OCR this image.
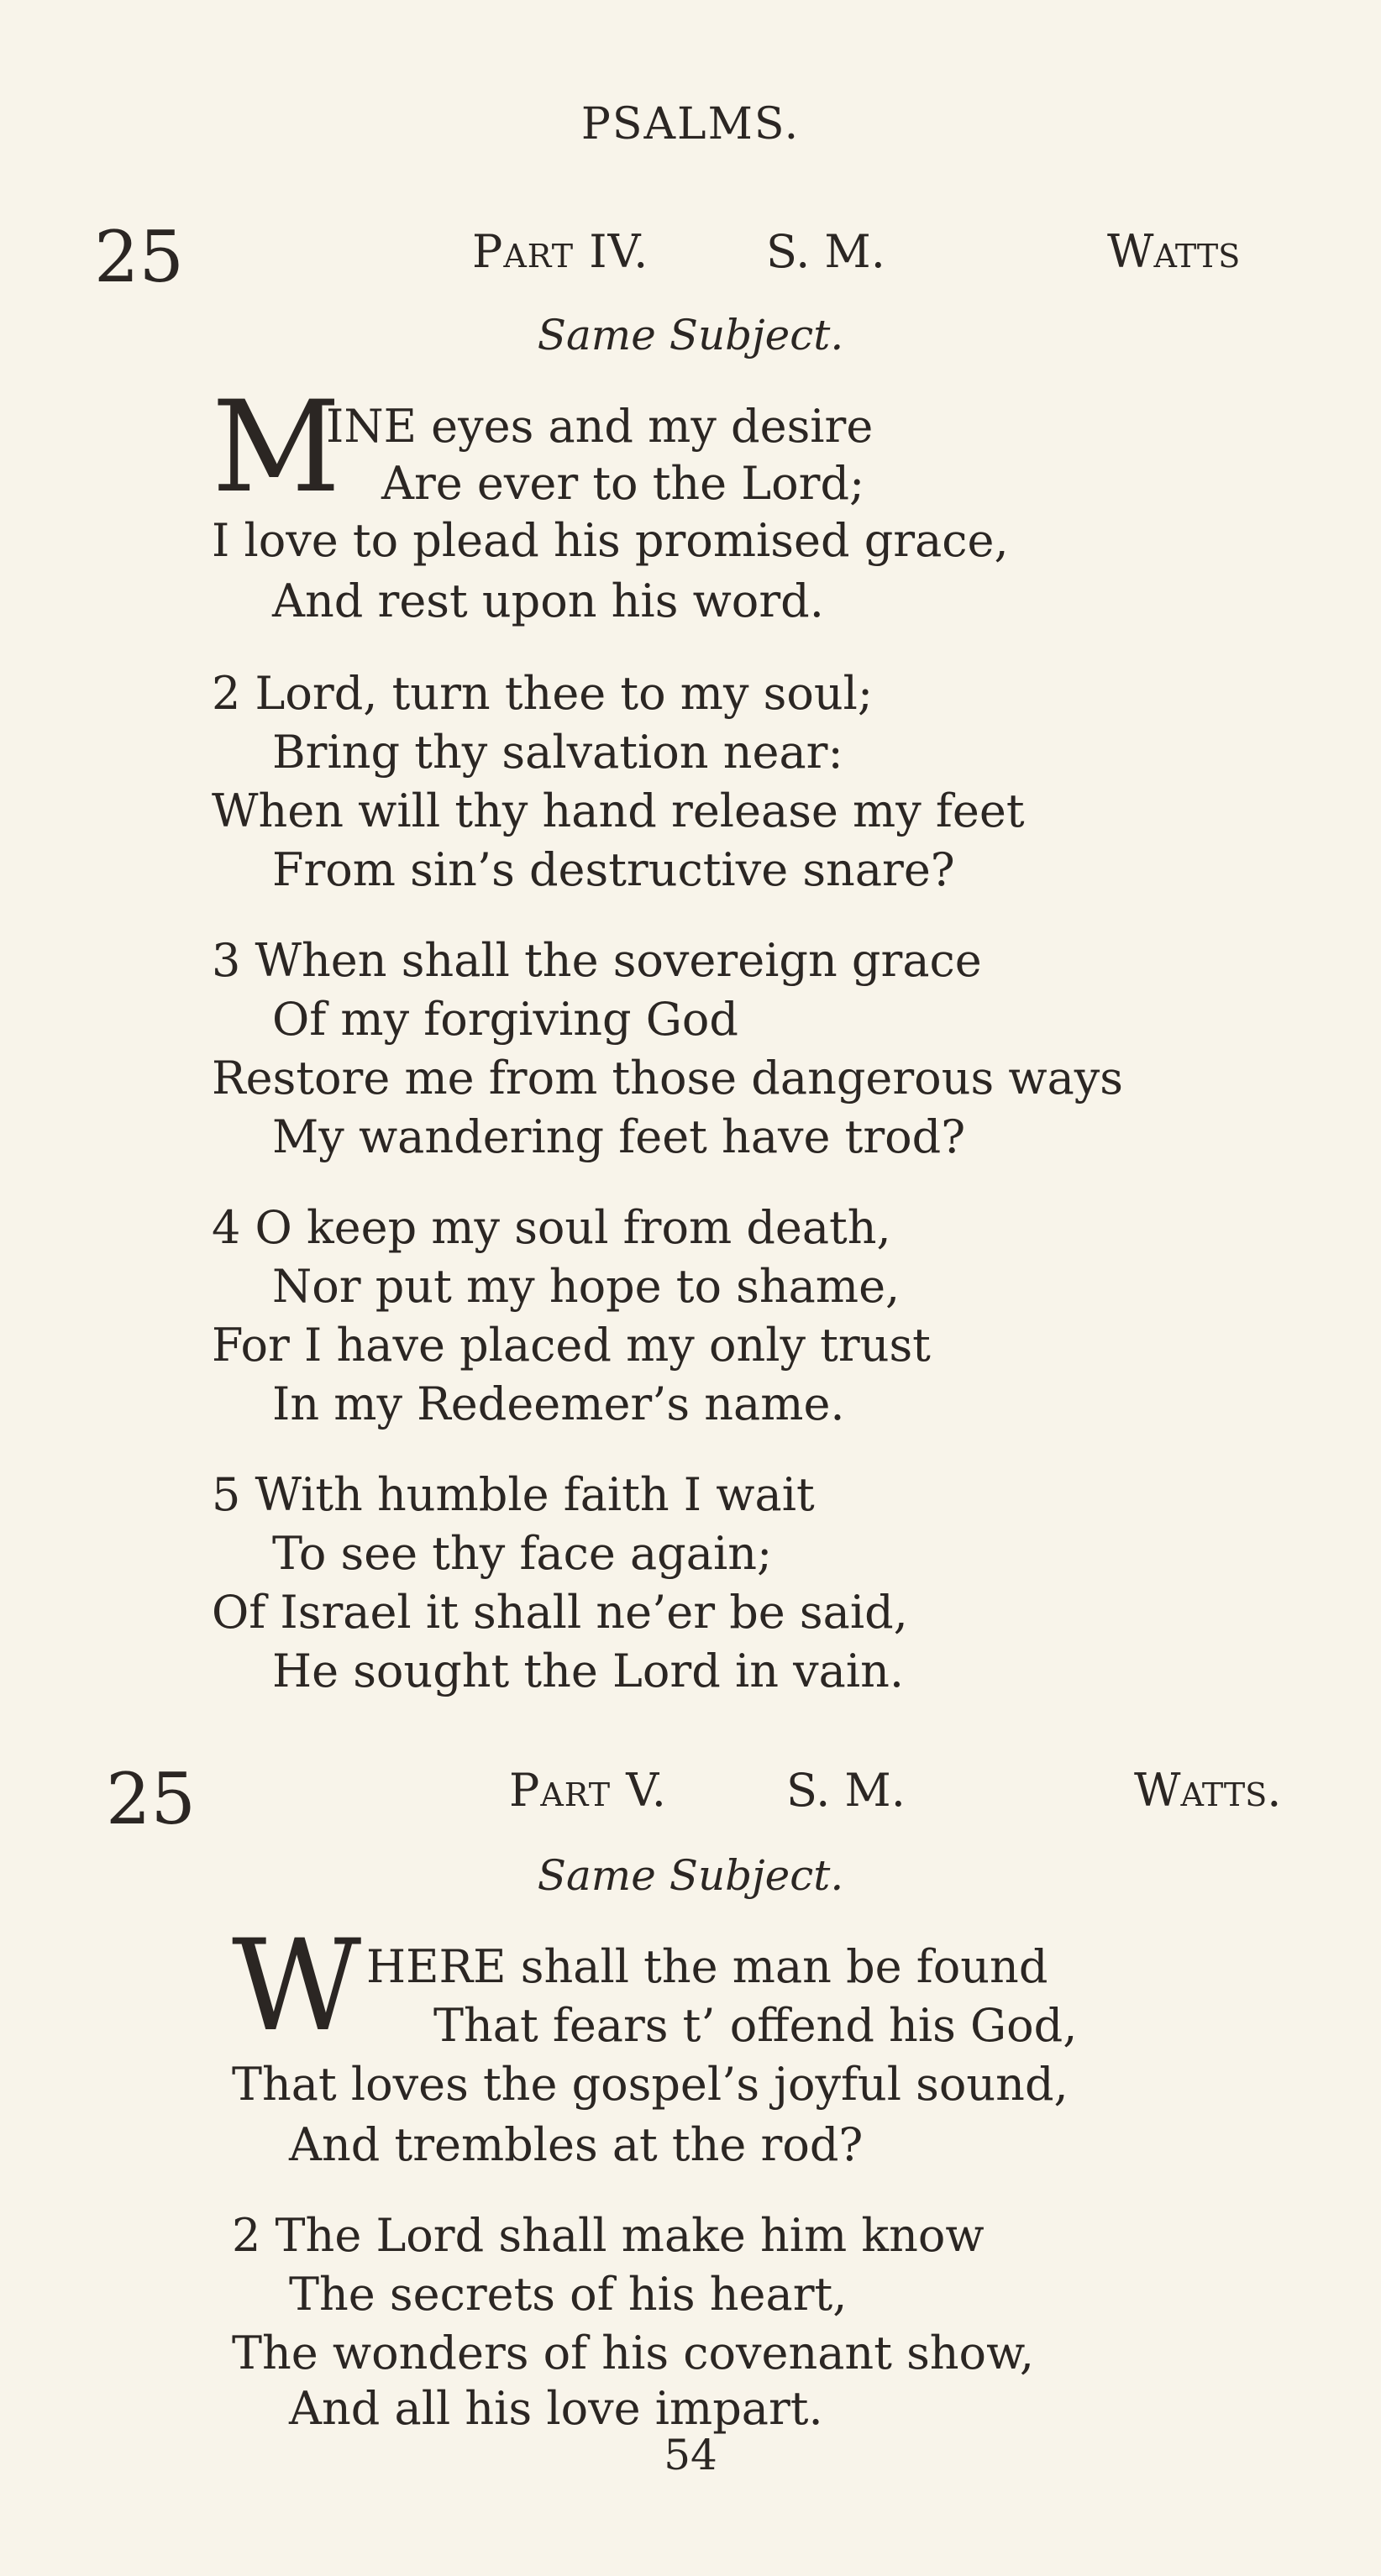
PSALMS.
25	Part IV.	S. M.	Watts
Same Subject.
M
INE eyes and my desire
Are ever to the Lord;
I love to plead his promised grace,
And rest upon his word.
2 Lord, turn thee to my soul;
Bring thy salvation near:
When will thy hand release my feet
From sin’s destructive snare?
3 When shall the sovereign grace
Of my forgiving God
Restore me from those dangerous ways
My wandering feet have trod?
4 O keep my soul from death,
Nor put my hope to shame,
For I have placed my only trust
In my Redeemer’s name.
5 With humble faith I wait
To see thy face again;
Of Israel it shall ne’er be said,
He sought the Lord in vain.
25	Part V.	S. M.	Watts.
Same Subject.
W HERE shall the man be found
That fears t’ offend his God,
That loves the gospel’s joyful sound,
And trembles at the rod?
2 The Lord shall make him know
The secrets of his heart,
The wonders of his covenant show,
And all his love impart.
54
